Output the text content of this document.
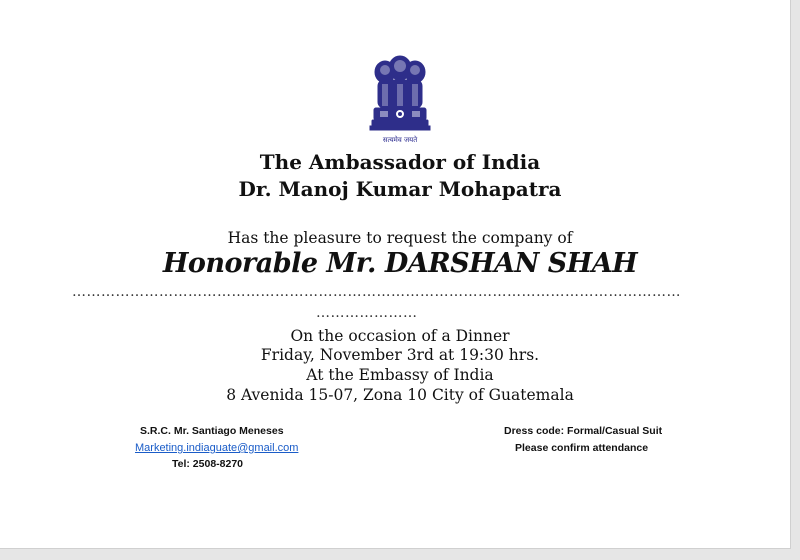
सत्यमेव जयते
The Ambassador of India
Dr. Manoj Kumar Mohapatra
Has the pleasure to request the company of
Honorable Mr. DARSHAN SHAH
………………………………………………………………………………………………………………
…………………
On the occasion of a Dinner
Friday, November 3rd at 19:30 hrs.
At the Embassy of India
8 Avenida 15-07, Zona 10 City of Guatemala
S.R.C. Mr. Santiago Meneses
Marketing.indiaguate@gmail.com
Tel: 2508-8270
Dress code: Formal/Casual Suit
Please confirm attendance
